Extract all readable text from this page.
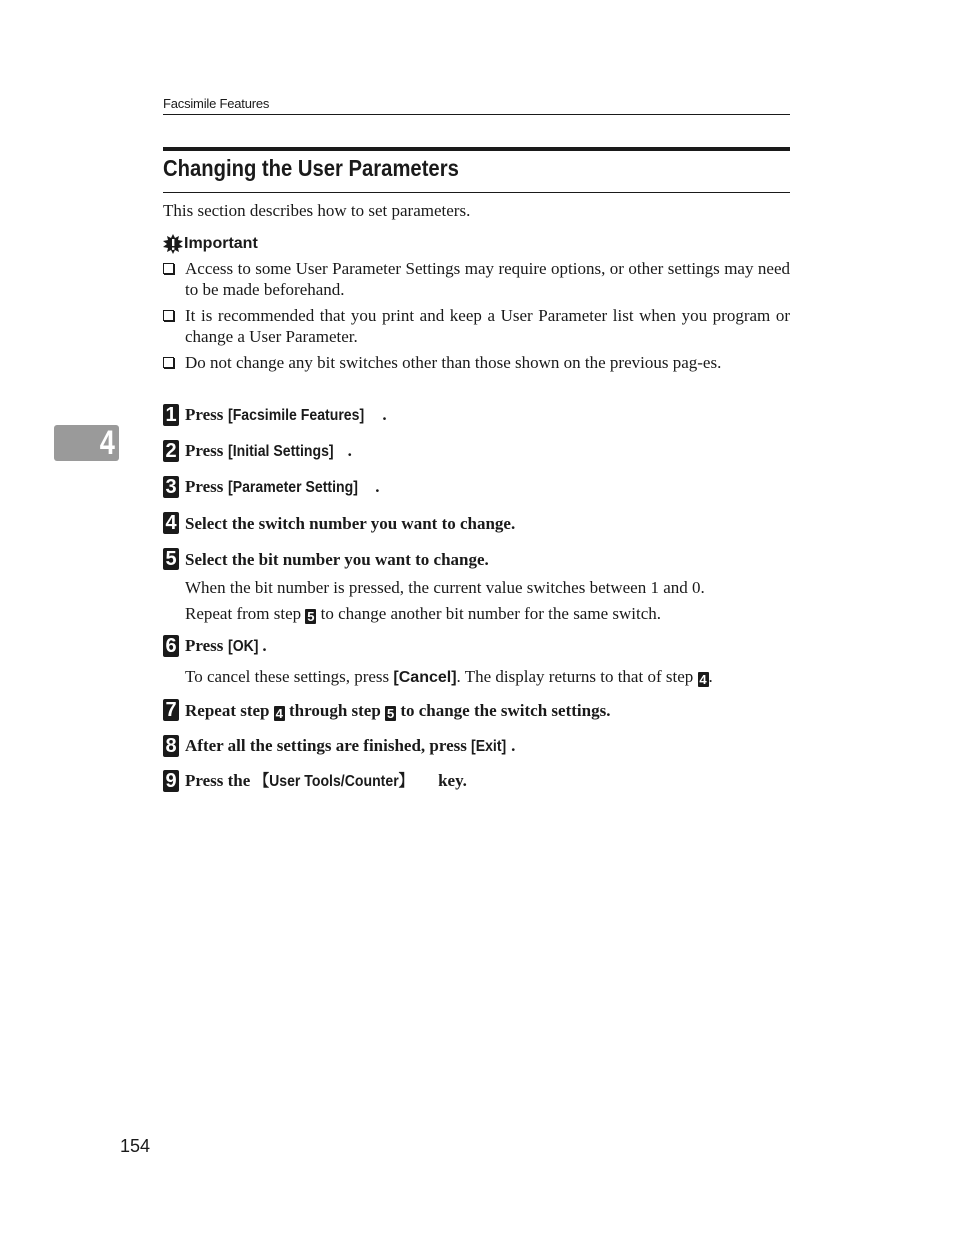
Facsimile Features
4
Changing the User Parameters
This section describes how to set parameters.
Important
Access to some User Parameter Settings may require options, or other settings may need to be made beforehand.
It is recommended that you print and keep a User Parameter list when you program or change a User Parameter.
Do not change any bit switches other than those shown on the previous pag-es.
1 Press [Facsimile Features] .
2 Press [Initial Settings] .
3 Press [Parameter Setting] .
4 Select the switch number you want to change.
5 Select the bit number you want to change.
When the bit number is pressed, the current value switches between 1 and 0.
Repeat from step 5 to change another bit number for the same switch.
6 Press [OK] .
To cancel these settings, press [Cancel]. The display returns to that of step 4 .
7 Repeat step 4 through step 5 to change the switch settings.
8 After all the settings are finished, press [Exit] .
9 Press the 【User Tools/Counter】 key.
154
